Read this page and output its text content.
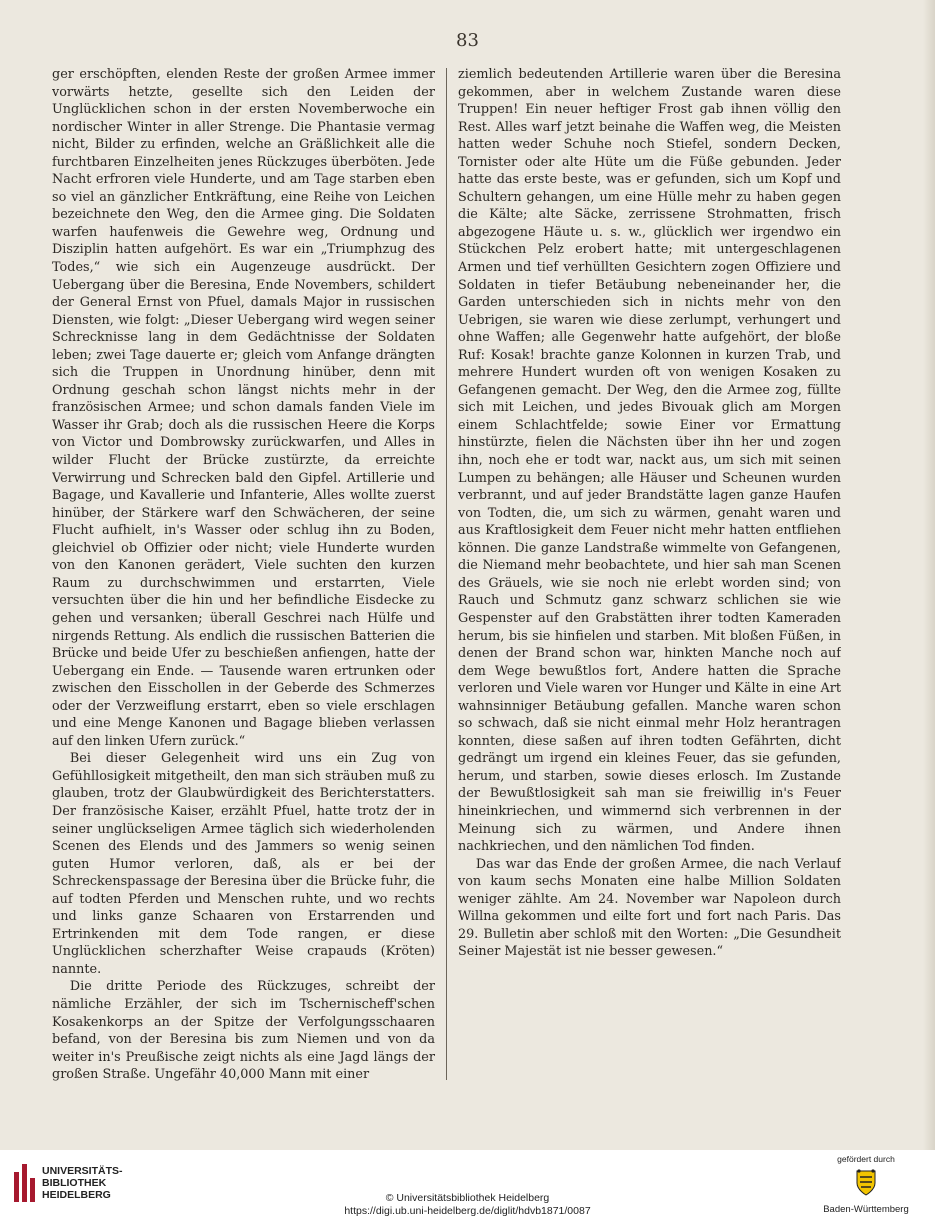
83

ger erschöpften, elenden Reste der großen Armee immer vorwärts hetzte, gesellte sich den Leiden der Unglücklichen schon in der ersten Novemberwoche ein nordischer Winter in aller Strenge. Die Phantasie vermag nicht, Bilder zu erfinden, welche an Gräßlichkeit alle die furchtbaren Einzelheiten jenes Rückzuges überböten. Jede Nacht erfroren viele Hunderte, und am Tage starben eben so viel an gänzlicher Entkräftung, eine Reihe von Leichen bezeichnete den Weg, den die Armee ging. Die Soldaten warfen haufenweis die Gewehre weg, Ordnung und Disziplin hatten aufgehört. Es war ein „Triumphzug des Todes,“ wie sich ein Augenzeuge ausdrückt. Der Uebergang über die Beresina, Ende Novembers, schildert der General Ernst von Pfuel, damals Major in russischen Diensten, wie folgt: „Dieser Uebergang wird wegen seiner Schrecknisse lang in dem Gedächtnisse der Soldaten leben; zwei Tage dauerte er; gleich vom Anfange drängten sich die Truppen in Unordnung hinüber, denn mit Ordnung geschah schon längst nichts mehr in der französischen Armee; und schon damals fanden Viele im Wasser ihr Grab; doch als die russischen Heere die Korps von Victor und Dombrowsky zurückwarfen, und Alles in wilder Flucht der Brücke zustürzte, da erreichte Verwirrung und Schrecken bald den Gipfel. Artillerie und Bagage, und Kavallerie und Infanterie, Alles wollte zuerst hinüber, der Stärkere warf den Schwächeren, der seine Flucht aufhielt, in's Wasser oder schlug ihn zu Boden, gleichviel ob Offizier oder nicht; viele Hunderte wurden von den Kanonen gerädert, Viele suchten den kurzen Raum zu durchschwimmen und erstarrten, Viele versuchten über die hin und her befindliche Eisdecke zu gehen und versanken; überall Geschrei nach Hülfe und nirgends Rettung. Als endlich die russischen Batterien die Brücke und beide Ufer zu beschießen anfiengen, hatte der Uebergang ein Ende. — Tausende waren ertrunken oder zwischen den Eisschollen in der Geberde des Schmerzes oder der Verzweiflung erstarrt, eben so viele erschlagen und eine Menge Kanonen und Bagage blieben verlassen auf den linken Ufern zurück.“

Bei dieser Gelegenheit wird uns ein Zug von Gefühllosigkeit mitgetheilt, den man sich sträuben muß zu glauben, trotz der Glaubwürdigkeit des Berichterstatters. Der französische Kaiser, erzählt Pfuel, hatte trotz der in seiner unglückseligen Armee täglich sich wiederholenden Scenen des Elends und des Jammers so wenig seinen guten Humor verloren, daß, als er bei der Schreckenspassage der Beresina über die Brücke fuhr, die auf todten Pferden und Menschen ruhte, und wo rechts und links ganze Schaaren von Erstarrenden und Ertrinkenden mit dem Tode rangen, er diese Unglücklichen scherzhafter Weise crapauds (Kröten) nannte.

Die dritte Periode des Rückzuges, schreibt der nämliche Erzähler, der sich im Tschernischeff'schen Kosakenkorps an der Spitze der Verfolgungsschaaren befand, von der Beresina bis zum Niemen und von da weiter in's Preußische zeigt nichts als eine Jagd längs der großen Straße. Ungefähr 40,000 Mann mit einer

ziemlich bedeutenden Artillerie waren über die Beresina gekommen, aber in welchem Zustande waren diese Truppen! Ein neuer heftiger Frost gab ihnen völlig den Rest. Alles warf jetzt beinahe die Waffen weg, die Meisten hatten weder Schuhe noch Stiefel, sondern Decken, Tornister oder alte Hüte um die Füße gebunden. Jeder hatte das erste beste, was er gefunden, sich um Kopf und Schultern gehangen, um eine Hülle mehr zu haben gegen die Kälte; alte Säcke, zerrissene Strohmatten, frisch abgezogene Häute u. s. w., glücklich wer irgendwo ein Stückchen Pelz erobert hatte; mit untergeschlagenen Armen und tief verhüllten Gesichtern zogen Offiziere und Soldaten in tiefer Betäubung nebeneinander her, die Garden unterschieden sich in nichts mehr von den Uebrigen, sie waren wie diese zerlumpt, verhungert und ohne Waffen; alle Gegenwehr hatte aufgehört, der bloße Ruf: Kosak! brachte ganze Kolonnen in kurzen Trab, und mehrere Hundert wurden oft von wenigen Kosaken zu Gefangenen gemacht. Der Weg, den die Armee zog, füllte sich mit Leichen, und jedes Bivouak glich am Morgen einem Schlachtfelde; sowie Einer vor Ermattung hinstürzte, fielen die Nächsten über ihn her und zogen ihn, noch ehe er todt war, nackt aus, um sich mit seinen Lumpen zu behängen; alle Häuser und Scheunen wurden verbrannt, und auf jeder Brandstätte lagen ganze Haufen von Todten, die, um sich zu wärmen, genaht waren und aus Kraftlosigkeit dem Feuer nicht mehr hatten entfliehen können. Die ganze Landstraße wimmelte von Gefangenen, die Niemand mehr beobachtete, und hier sah man Scenen des Gräuels, wie sie noch nie erlebt worden sind; von Rauch und Schmutz ganz schwarz schlichen sie wie Gespenster auf den Grabstätten ihrer todten Kameraden herum, bis sie hinfielen und starben. Mit bloßen Füßen, in denen der Brand schon war, hinkten Manche noch auf dem Wege bewußtlos fort, Andere hatten die Sprache verloren und Viele waren vor Hunger und Kälte in eine Art wahnsinniger Betäubung gefallen. Manche waren schon so schwach, daß sie nicht einmal mehr Holz herantragen konnten, diese saßen auf ihren todten Gefährten, dicht gedrängt um irgend ein kleines Feuer, das sie gefunden, herum, und starben, sowie dieses erlosch. Im Zustande der Bewußtlosigkeit sah man sie freiwillig in's Feuer hineinkriechen, und wimmernd sich verbrennen in der Meinung sich zu wärmen, und Andere ihnen nachkriechen, und den nämlichen Tod finden.

Das war das Ende der großen Armee, die nach Verlauf von kaum sechs Monaten eine halbe Million Soldaten weniger zählte. Am 24. November war Napoleon durch Willna gekommen und eilte fort und fort nach Paris. Das 29. Bulletin aber schloß mit den Worten: „Die Gesundheit Seiner Majestät ist nie besser gewesen.“

UNIVERSITÄTS-
BIBLIOTHEK
HEIDELBERG	© Universitätsbibliothek Heidelberg
https://digi.ub.uni-heidelberg.de/diglit/hdvb1871/0087
gefördert durch
Baden-Württemberg
